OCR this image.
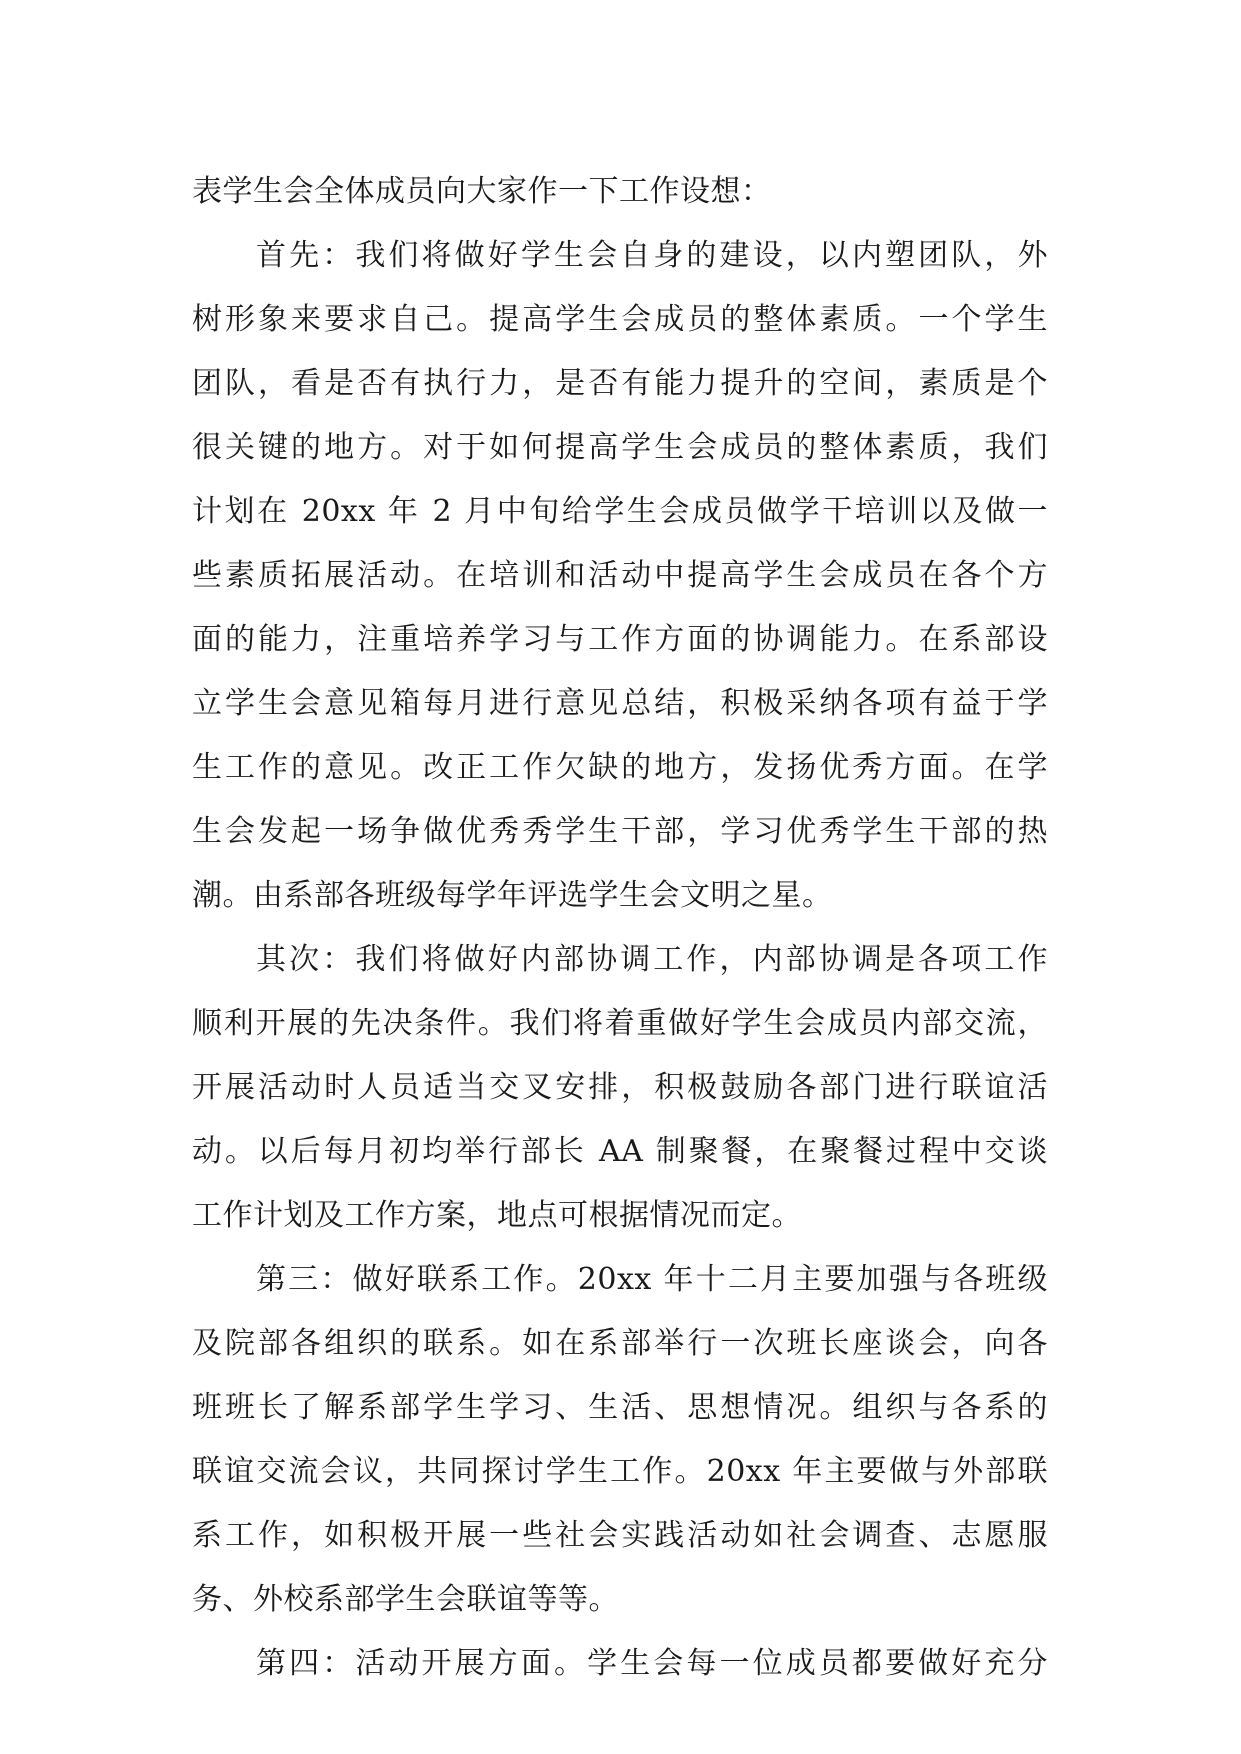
表学生会全体成员向大家作一下工作设想：
首先：我们将做好学生会自身的建设，以内塑团队，外
树形象来要求自己。提高学生会成员的整体素质。一个学生
团队，看是否有执行力，是否有能力提升的空间，素质是个
很关键的地方。对于如何提高学生会成员的整体素质，我们
计划在 20xx 年 2 月中旬给学生会成员做学干培训以及做一
些素质拓展活动。在培训和活动中提高学生会成员在各个方
面的能力，注重培养学习与工作方面的协调能力。在系部设
立学生会意见箱每月进行意见总结，积极采纳各项有益于学
生工作的意见。改正工作欠缺的地方，发扬优秀方面。在学
生会发起一场争做优秀秀学生干部，学习优秀学生干部的热
潮。由系部各班级每学年评选学生会文明之星。
其次：我们将做好内部协调工作，内部协调是各项工作
顺利开展的先决条件。我们将着重做好学生会成员内部交流，
开展活动时人员适当交叉安排，积极鼓励各部门进行联谊活
动。以后每月初均举行部长 AA 制聚餐，在聚餐过程中交谈
工作计划及工作方案，地点可根据情况而定。
第三：做好联系工作。20xx 年十二月主要加强与各班级
及院部各组织的联系。如在系部举行一次班长座谈会，向各
班班长了解系部学生学习、生活、思想情况。组织与各系的
联谊交流会议，共同探讨学生工作。20xx 年主要做与外部联
系工作，如积极开展一些社会实践活动如社会调查、志愿服
务、外校系部学生会联谊等等。
第四：活动开展方面。学生会每一位成员都要做好充分
